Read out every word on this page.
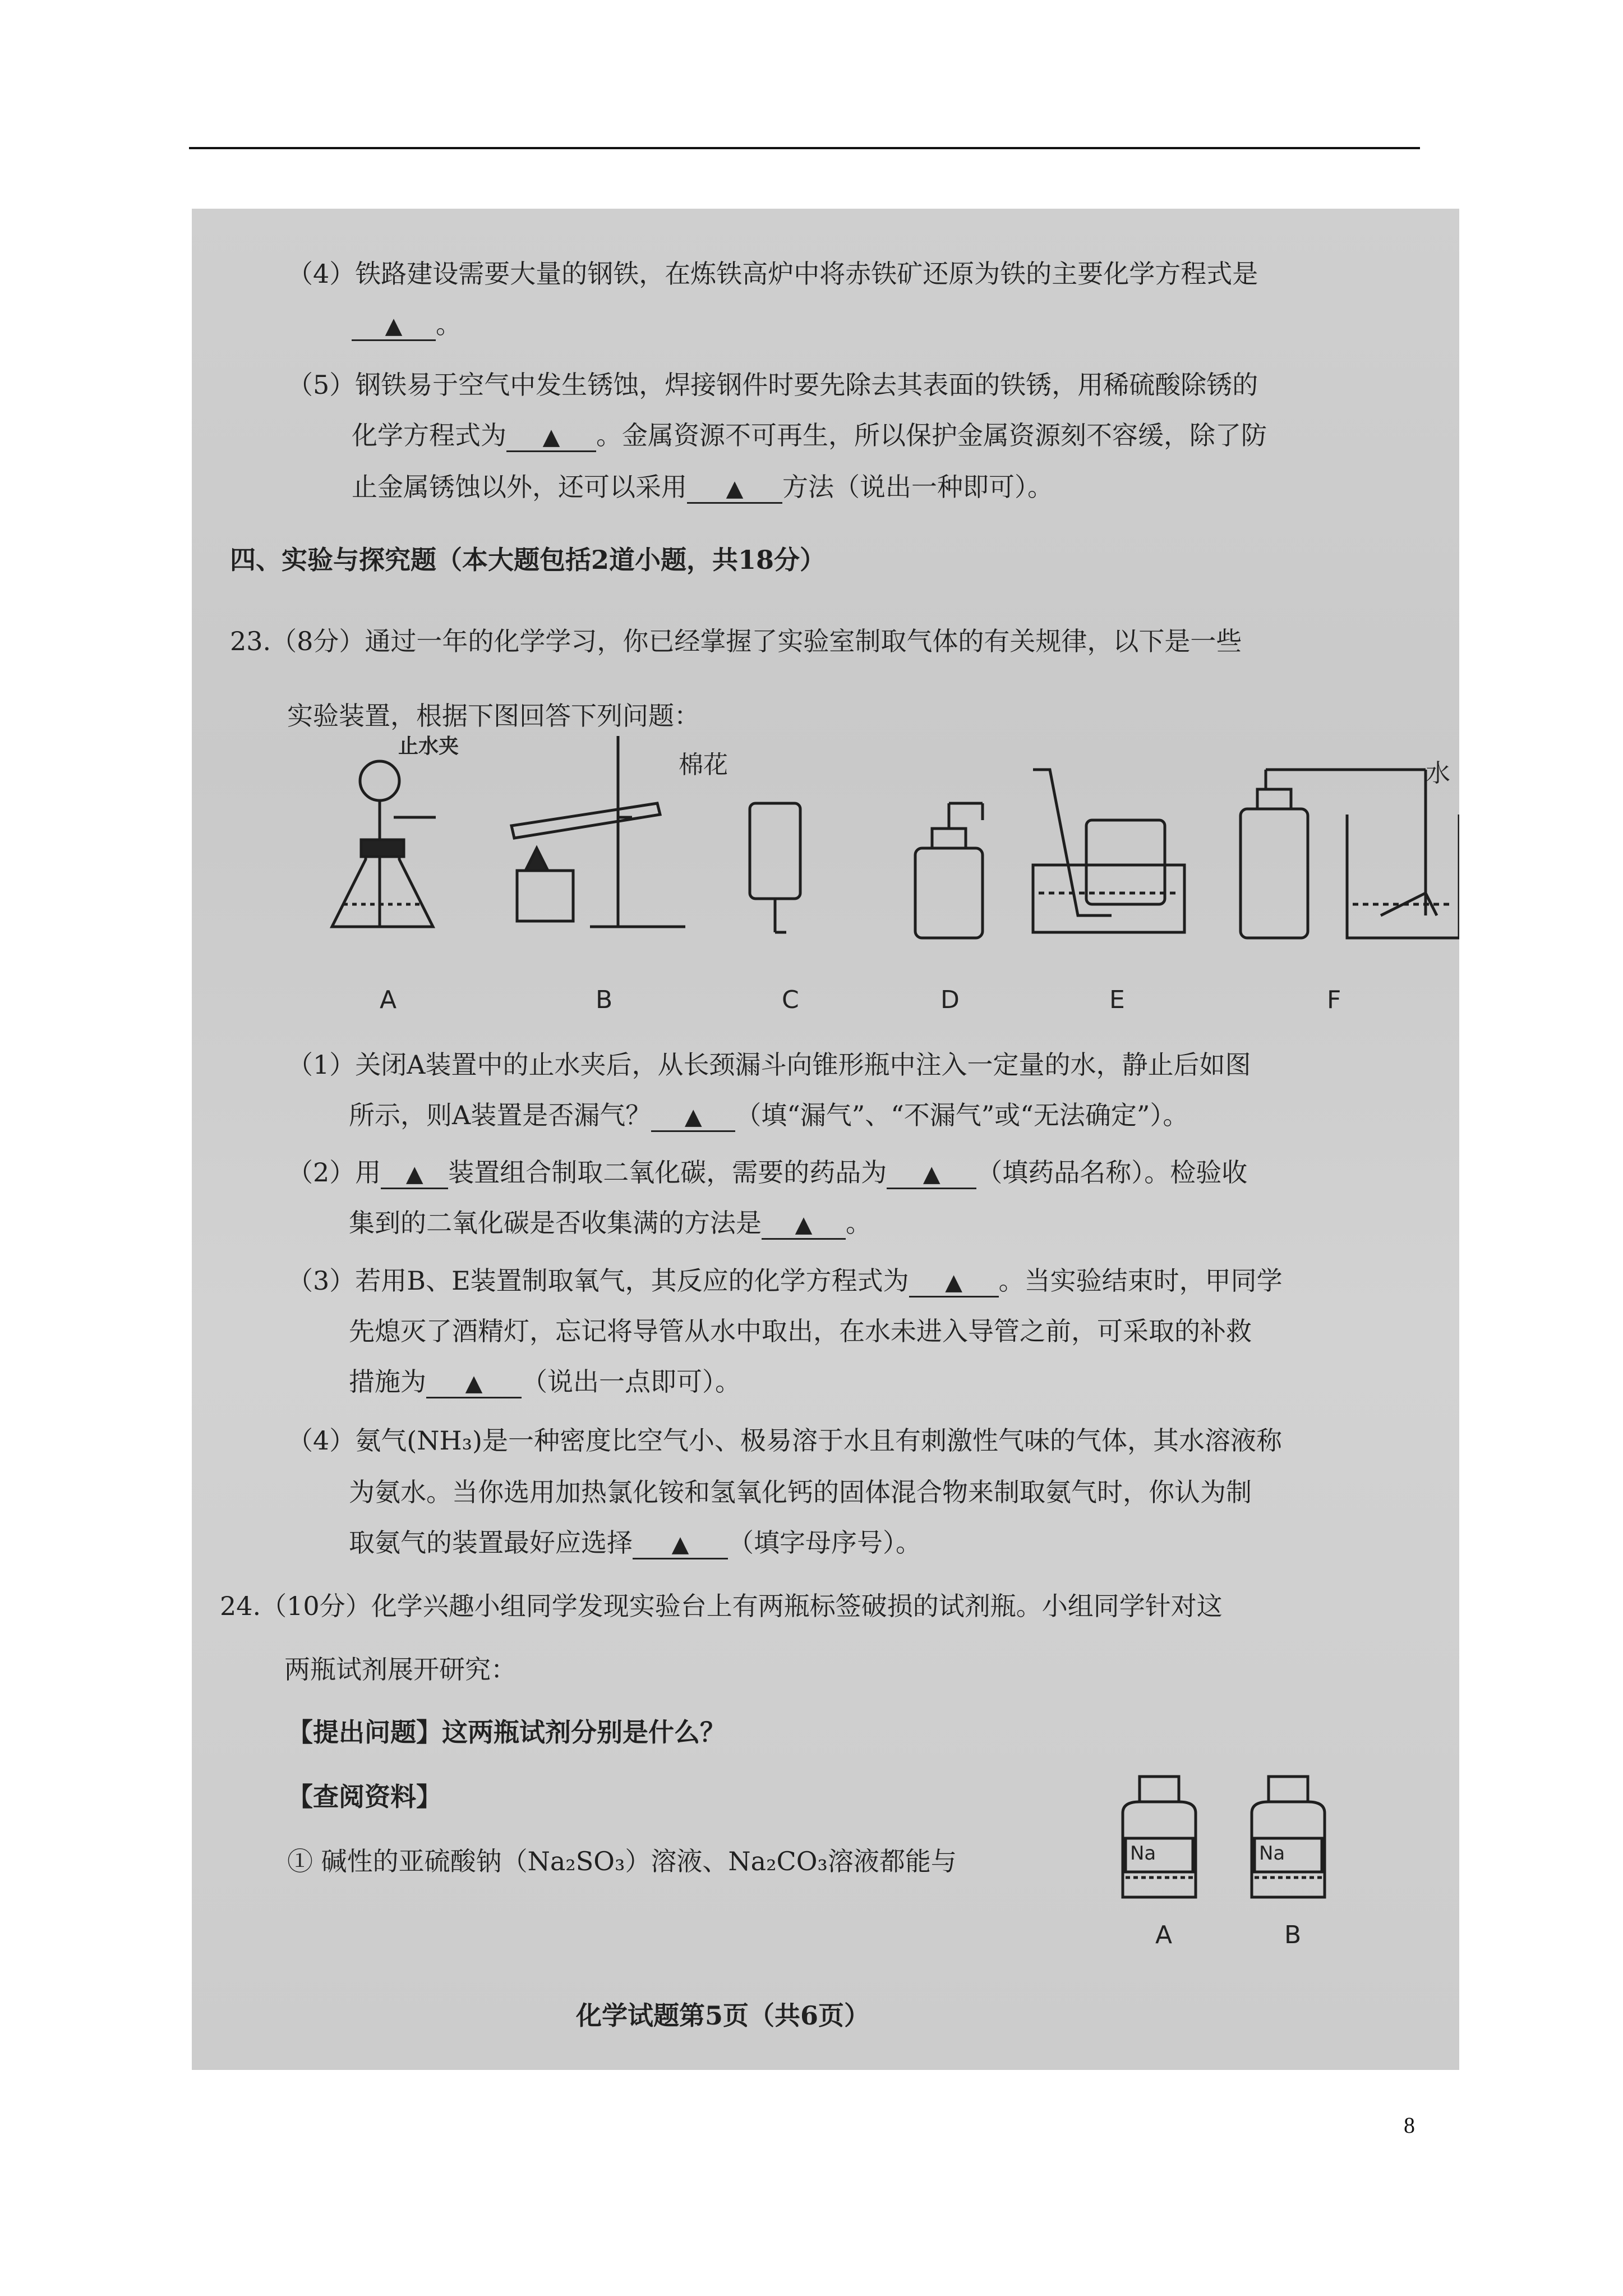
（4）铁路建设需要大量的钢铁，在炼铁高炉中将赤铁矿还原为铁的主要化学方程式是
▲ 。
（5）钢铁易于空气中发生锈蚀，焊接钢件时要先除去其表面的铁锈，用稀硫酸除锈的
化学方程式为 ▲ 。金属资源不可再生，所以保护金属资源刻不容缓，除了防
止金属锈蚀以外，还可以采用 ▲ 方法（说出一种即可）。
四、实验与探究题（本大题包括2道小题，共18分）
23.（8分）通过一年的化学学习，你已经掌握了实验室制取气体的有关规律，以下是一些
实验装置，根据下图回答下列问题：
止水夹
棉花	水
A	B	C	D	E	F
（1）关闭A装置中的止水夹后，从长颈漏斗向锥形瓶中注入一定量的水，静止后如图
所示，则A装置是否漏气？ ▲ （填“漏气”、“不漏气”或“无法确定”）。
（2）用 ▲ 装置组合制取二氧化碳，需要的药品为 ▲ （填药品名称）。检验收
集到的二氧化碳是否收集满的方法是 ▲ 。
（3）若用B、E装置制取氧气，其反应的化学方程式为 ▲ 。当实验结束时，甲同学
先熄灭了酒精灯，忘记将导管从水中取出，在水未进入导管之前，可采取的补救
措施为 ▲ （说出一点即可）。
（4）氨气(NH₃)是一种密度比空气小、极易溶于水且有刺激性气味的气体，其水溶液称
为氨水。当你选用加热氯化铵和氢氧化钙的固体混合物来制取氨气时，你认为制
取氨气的装置最好应选择 ▲ （填字母序号）。
24.（10分）化学兴趣小组同学发现实验台上有两瓶标签破损的试剂瓶。小组同学针对这
两瓶试剂展开研究：
【提出问题】这两瓶试剂分别是什么？
【查阅资料】
① 碱性的亚硫酸钠（Na₂SO₃）溶液、Na₂CO₃溶液都能与	Na	Na
A	B
化学试题第5页（共6页）
8
